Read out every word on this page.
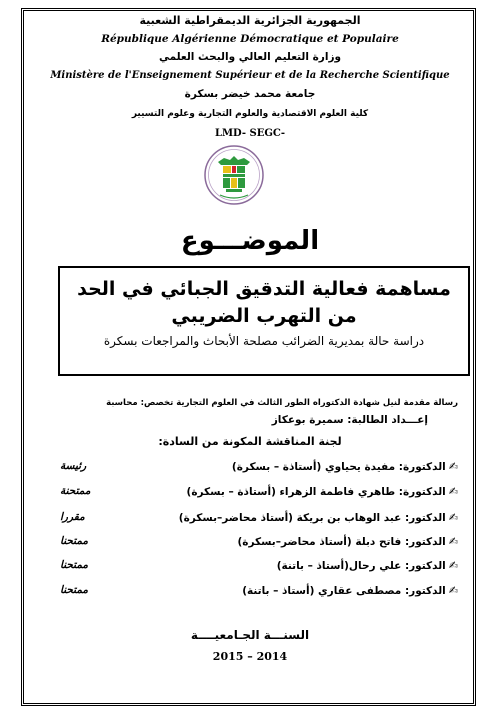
الجمهورية الجزائرية الديمقراطية الشعبية
République Algérienne Démocratique et Populaire
وزارة التعليم العالي والبحث العلمي
Ministère de l'Enseignement Supérieur et de la Recherche Scientifique
جامعة محمد خيضر بسكرة
كلية العلوم الاقتصادية والعلوم التجارية وعلوم التسيير
LMD- SEGC-
الموضـــوع
مساهمة فعالية التدقيق الجبائي في الحد من التهرب الضريبي
دراسة حالة بمديرية الضرائب مصلحة الأبحاث والمراجعات بسكرة
رسالة مقدمة لنيل شهادة الدكتوراه الطور الثالث في العلوم التجارية تخصص: محاسبة
إعـــداد الطالبة: سميرة بوعكاز
لجنة المناقشة المكونة من السادة:
✍الدكتورة: مفيدة يحياوي (أستاذة – بسكرة)
رئيسة
✍الدكتورة: طاهري فاطمة الزهراء (أستاذة – بسكرة)
ممتحنة
✍الدكتور: عبد الوهاب بن بريكة (أستاذ محاضر–بسكرة)
مقررا
✍الدكتور: فاتح دبلة (أستاذ محاضر–بسكرة)
ممتحنا
✍الدكتور: علي رحال(أستاذ – باتنة)
ممتحنا
✍الدكتور: مصطفى عقاري (أستاذ – باتنة)
ممتحنا
السنـــة الجـامعيــــة
2015 – 2014
